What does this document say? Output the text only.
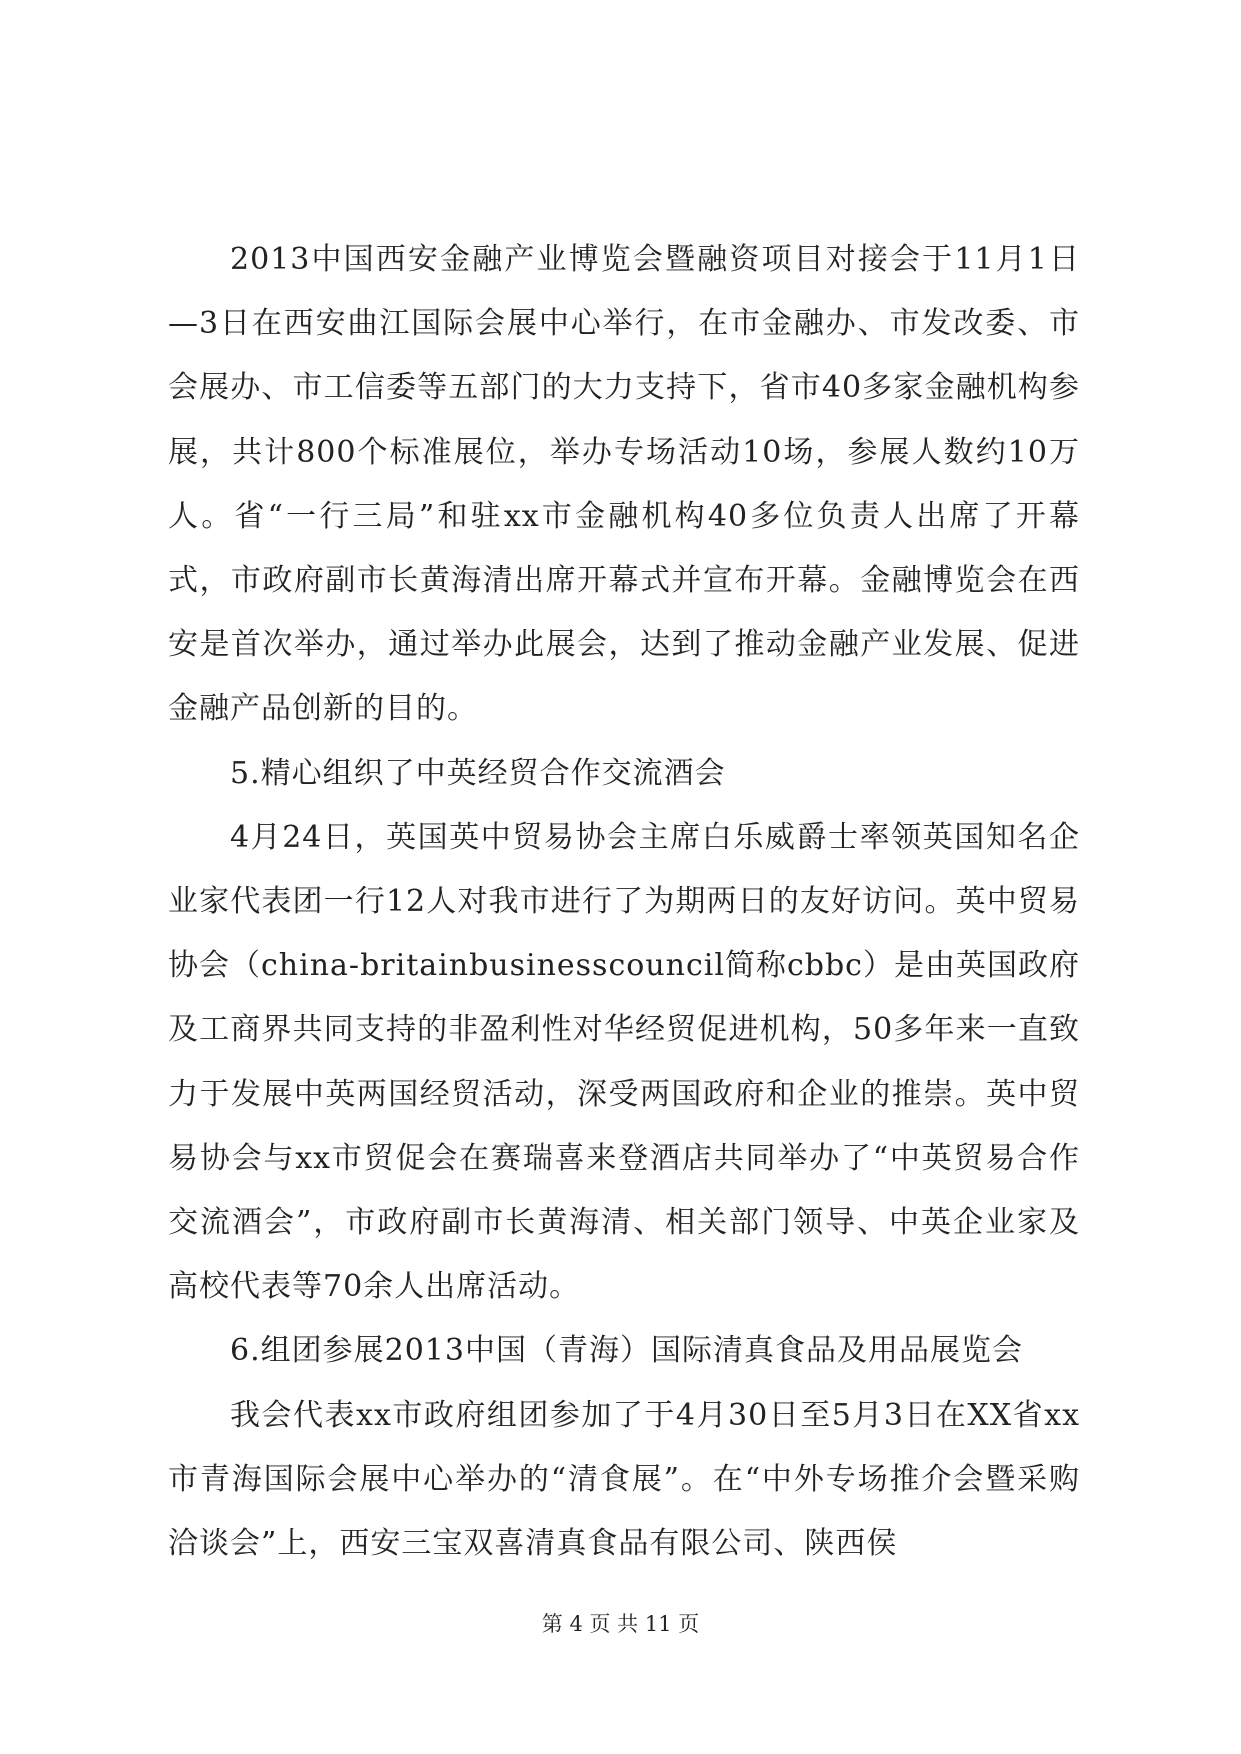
2013中国西安金融产业博览会暨融资项目对接会于11月1日—3日在西安曲江国际会展中心举行，在市金融办、市发改委、市会展办、市工信委等五部门的大力支持下，省市40多家金融机构参展，共计800个标准展位，举办专场活动10场，参展人数约10万人。省“一行三局”和驻xx市金融机构40多位负责人出席了开幕式，市政府副市长黄海清出席开幕式并宣布开幕。金融博览会在西安是首次举办，通过举办此展会，达到了推动金融产业发展、促进金融产品创新的目的。

5.精心组织了中英经贸合作交流酒会

4月24日，英国英中贸易协会主席白乐威爵士率领英国知名企业家代表团一行12人对我市进行了为期两日的友好访问。英中贸易协会（china-britainbusinesscouncil简称cbbc）是由英国政府及工商界共同支持的非盈利性对华经贸促进机构，50多年来一直致力于发展中英两国经贸活动，深受两国政府和企业的推崇。英中贸易协会与xx市贸促会在赛瑞喜来登酒店共同举办了“中英贸易合作交流酒会”，市政府副市长黄海清、相关部门领导、中英企业家及高校代表等70余人出席活动。

6.组团参展2013中国（青海）国际清真食品及用品展览会

我会代表xx市政府组团参加了于4月30日至5月3日在XX省xx市青海国际会展中心举办的“清食展”。在“中外专场推介会暨采购洽谈会”上，西安三宝双喜清真食品有限公司、陕西侯

第 4 页 共 11 页
